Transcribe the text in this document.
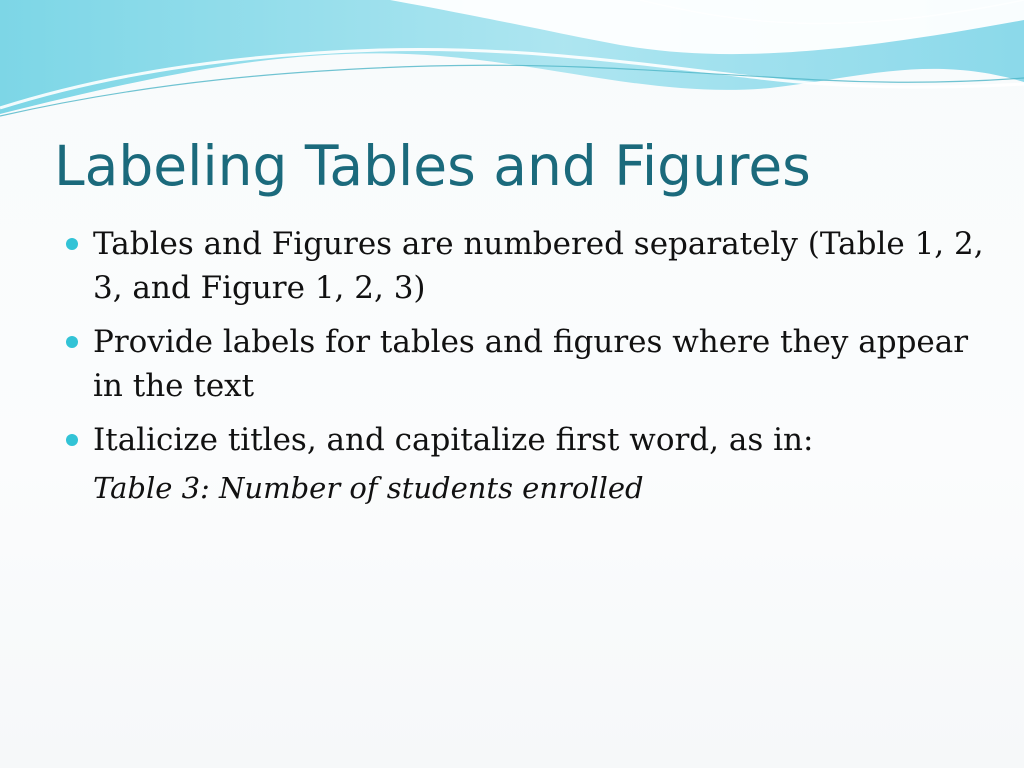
Labeling Tables and Figures
Tables and Figures are numbered separately (Table 1, 2, 3, and Figure 1, 2, 3)
Provide labels for tables and figures where they appear in the text
Italicize titles, and capitalize first word, as in:
Table 3: Number of students enrolled
